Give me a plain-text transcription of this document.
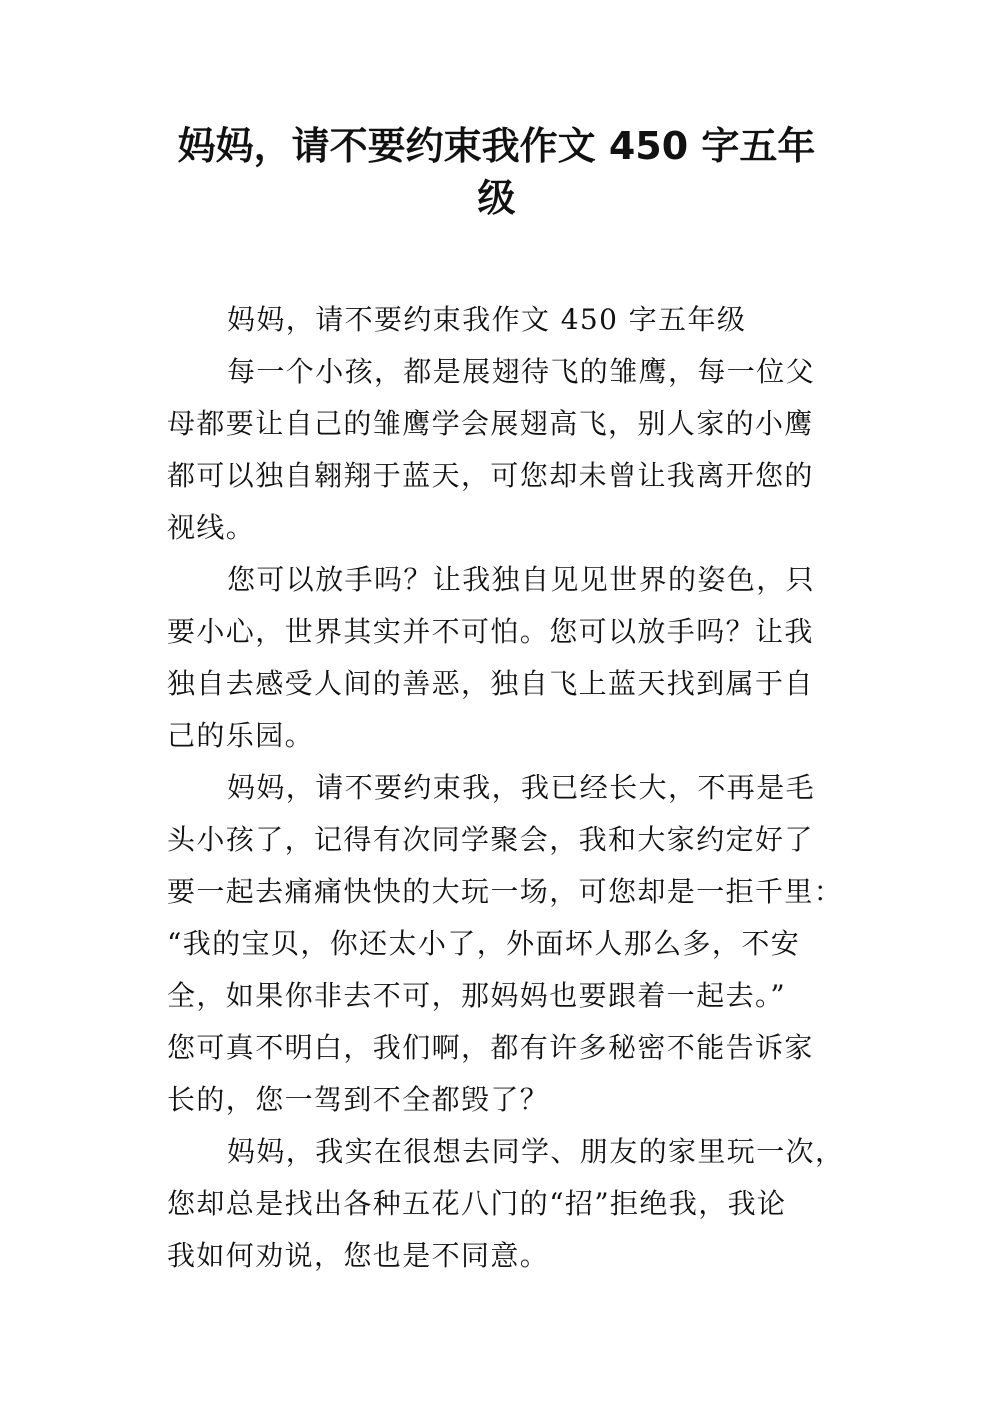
妈妈，请不要约束我作文 450 字五年
级
妈妈，请不要约束我作文 450 字五年级
每一个小孩，都是展翅待飞的雏鹰，每一位父
母都要让自己的雏鹰学会展翅高飞，别人家的小鹰
都可以独自翱翔于蓝天，可您却未曾让我离开您的
视线。
您可以放手吗？让我独自见见世界的姿色，只
要小心，世界其实并不可怕。您可以放手吗？让我
独自去感受人间的善恶，独自飞上蓝天找到属于自
己的乐园。
妈妈，请不要约束我，我已经长大，不再是毛
头小孩了，记得有次同学聚会，我和大家约定好了
要一起去痛痛快快的大玩一场，可您却是一拒千里：
“我的宝贝，你还太小了，外面坏人那么多，不安
全，如果你非去不可，那妈妈也要跟着一起去。”
您可真不明白，我们啊，都有许多秘密不能告诉家
长的，您一驾到不全都毁了？
妈妈，我实在很想去同学、朋友的家里玩一次，
您却总是找出各种五花八门的“招”拒绝我，我论
我如何劝说，您也是不同意。
